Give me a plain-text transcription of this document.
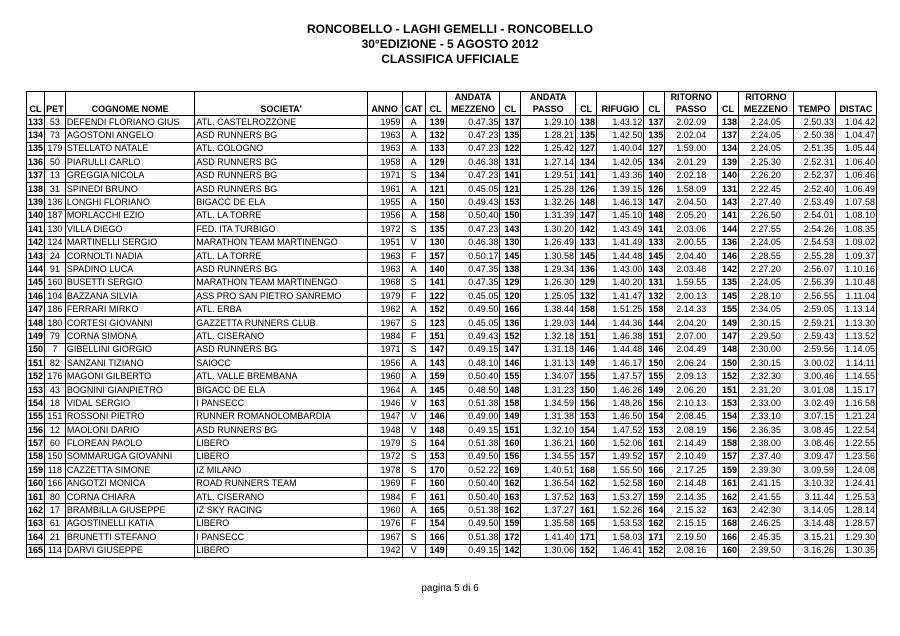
RONCOBELLO - LAGHI GEMELLI - RONCOBELLO
30°EDIZIONE - 5 AGOSTO 2012
CLASSIFICA UFFICIALE
							ANDATA		ANDATA				RITORNO		RITORNO		
CL	PET	COGNOME NOME	SOCIETA'	ANNO	CAT	CL	MEZZENO	CL	PASSO	CL	RIFUGIO	CL	PASSO	CL	MEZZENO	TEMPO	DISTAC
133	53	DEFENDI FLORIANO GIUS	ATL. CASTELROZZONE	1959	A	139	0.47.35	137	1.29.10	138	1.43.12	137	2.02.09	138	2.24.05	2.50.33	1.04.42
134	73	AGOSTONI ANGELO	ASD RUNNERS BG	1963	A	132	0.47.23	135	1.28.21	135	1.42.50	135	2.02.04	137	2.24.05	2.50.38	1.04.47
135	179	STELLATO NATALE	ATL. COLOGNO	1963	A	133	0.47.23	122	1.25.42	127	1.40.04	127	1.59.00	134	2.24.05	2.51.35	1.05.44
136	50	PIARULLI CARLO	ASD RUNNERS BG	1958	A	129	0.46.38	131	1.27.14	134	1.42.05	134	2.01.29	139	2.25.30	2.52.31	1.06.40
137	13	GREGGIA NICOLA	ASD RUNNERS BG	1971	S	134	0.47.23	141	1.29.51	141	1.43.36	140	2.02.18	140	2.26.20	2.52.37	1.06.46
138	31	SPINEDI BRUNO	ASD RUNNERS BG	1961	A	121	0.45.05	121	1.25.28	126	1.39.15	126	1.58.09	131	2.22.45	2.52.40	1.06.49
139	136	LONGHI FLORIANO	BIGACC DE ELA	1955	A	150	0.49.43	153	1.32.26	148	1.46.13	147	2.04.50	143	2.27.40	2.53.49	1.07.58
140	187	MORLACCHI EZIO	ATL. LA TORRE	1956	A	158	0.50.40	150	1.31.39	147	1.45.10	148	2.05.20	141	2.26.50	2.54.01	1.08.10
141	130	VILLA DIEGO	FED. ITA TURBIGO	1972	S	135	0.47.23	143	1.30.20	142	1.43.49	141	2.03.06	144	2.27.55	2.54.26	1.08.35
142	124	MARTINELLI SERGIO	MARATHON TEAM MARTINENGO	1951	V	130	0.46.38	130	1.26.49	133	1.41.49	133	2.00.55	136	2.24.05	2.54.53	1.09.02
143	24	CORNOLTI NADIA	ATL. LA TORRE	1963	F	157	0.50.17	145	1.30.58	145	1.44.48	145	2.04.40	146	2.28.55	2.55.28	1.09.37
144	91	SPADINO LUCA	ASD RUNNERS BG	1963	A	140	0.47.35	138	1.29.34	136	1.43.00	143	2.03.48	142	2.27.20	2.56.07	1.10.16
145	160	BUSETTI SERGIO	MARATHON TEAM MARTINENGO	1968	S	141	0.47.35	129	1.26.30	129	1.40.20	131	1.59.55	135	2.24.05	2.56.39	1.10.48
146	104	BAZZANA SILVIA	ASS PRO SAN PIETRO SANREMO	1979	F	122	0.45.05	120	1.25.05	132	1.41.47	132	2.00.13	145	2.28.10	2.56.55	1.11.04
147	186	FERRARI MIRKO	ATL. ERBA	1962	A	152	0.49.50	166	1.38.44	158	1.51.25	158	2.14.33	155	2.34.05	2.59.05	1.13.14
148	180	CORTESI GIOVANNI	GAZZETTA RUNNERS CLUB	1967	S	123	0.45.05	136	1.29.03	144	1.44.36	144	2.04.20	149	2.30.15	2.59.21	1.13.30
149	79	CORNA SIMONA	ATL. CISERANO	1984	F	151	0.49.43	152	1.32.18	151	1.46.38	151	2.07.00	147	2.29.50	2.59.43	1.13.52
150	7	GIBELLINI GIORGIO	ASD RUNNERS BG	1971	S	147	0.49.15	147	1.31.18	146	1.44.48	146	2.04.49	148	2.30.00	2.59.56	1.14.05
151	82	SANZANI TIZIANO	SAIOCC	1956	A	143	0.48.10	146	1.31.13	149	1.46.17	150	2.06.24	150	2.30.15	3.00.02	1.14.11
152	176	MAGONI GILBERTO	ATL. VALLE BREMBANA	1960	A	159	0.50.40	155	1.34.07	155	1.47.57	155	2.09.13	152	2.32.30	3.00.46	1.14.55
153	43	BOGNINI GIANPIETRO	BIGACC DE ELA	1964	A	145	0.48.50	148	1.31.23	150	1.46.26	149	2.06.20	151	2.31.20	3.01.08	1.15.17
154	18	VIDAL SERGIO	I PANSECC	1946	V	163	0.51.38	158	1.34.59	156	1.48.26	156	2.10.13	153	2.33.00	3.02.49	1.16.58
155	151	ROSSONI PIETRO	RUNNER ROMANOLOMBARDIA	1947	V	146	0.49.00	149	1.31.38	153	1.46.50	154	2.08.45	154	2.33.10	3.07.15	1.21.24
156	12	MAOLONI DARIO	ASD RUNNERS BG	1948	V	148	0.49.15	151	1.32.10	154	1.47.52	153	2.08.19	156	2.36.35	3.08.45	1.22.54
157	60	FLOREAN PAOLO	LIBERO	1979	S	164	0.51.38	160	1.36.21	160	1.52.06	161	2.14.49	158	2.38.00	3.08.46	1.22.55
158	150	SOMMARUGA GIOVANNI	LIBERO	1972	S	153	0.49.50	156	1.34.55	157	1.49.52	157	2.10.49	157	2.37.40	3.09.47	1.23.56
159	118	CAZZETTA SIMONE	IZ MILANO	1978	S	170	0.52.22	169	1.40.51	168	1.55.50	166	2.17.25	159	2.39.30	3.09.59	1.24.08
160	166	ANGOTZI MONICA	ROAD RUNNERS TEAM	1969	F	160	0.50.40	162	1.36.54	162	1.52.58	160	2.14.48	161	2.41.15	3.10.32	1.24.41
161	80	CORNA CHIARA	ATL. CISERANO	1984	F	161	0.50.40	163	1.37.52	163	1.53.27	159	2.14.35	162	2.41.55	3.11.44	1.25.53
162	17	BRAMBILLA GIUSEPPE	IZ SKY RACING	1960	A	165	0.51.38	162	1.37.27	161	1.52.26	164	2.15.32	163	2.42.30	3.14.05	1.28.14
163	61	AGOSTINELLI KATIA	LIBERO	1976	F	154	0.49.50	159	1.35.58	165	1.53.53	162	2.15.15	168	2.46.25	3.14.48	1.28.57
164	21	BRUNETTI STEFANO	I PANSECC	1967	S	166	0.51.38	172	1.41.40	171	1.58.03	171	2.19.50	166	2.45.35	3.15.21	1.29.30
165	114	DARVI GIUSEPPE	LIBERO	1942	V	149	0.49.15	142	1.30.06	152	1.46.41	152	2.08.16	160	2.39.50	3.16.26	1.30.35
pagina 5 di 6
